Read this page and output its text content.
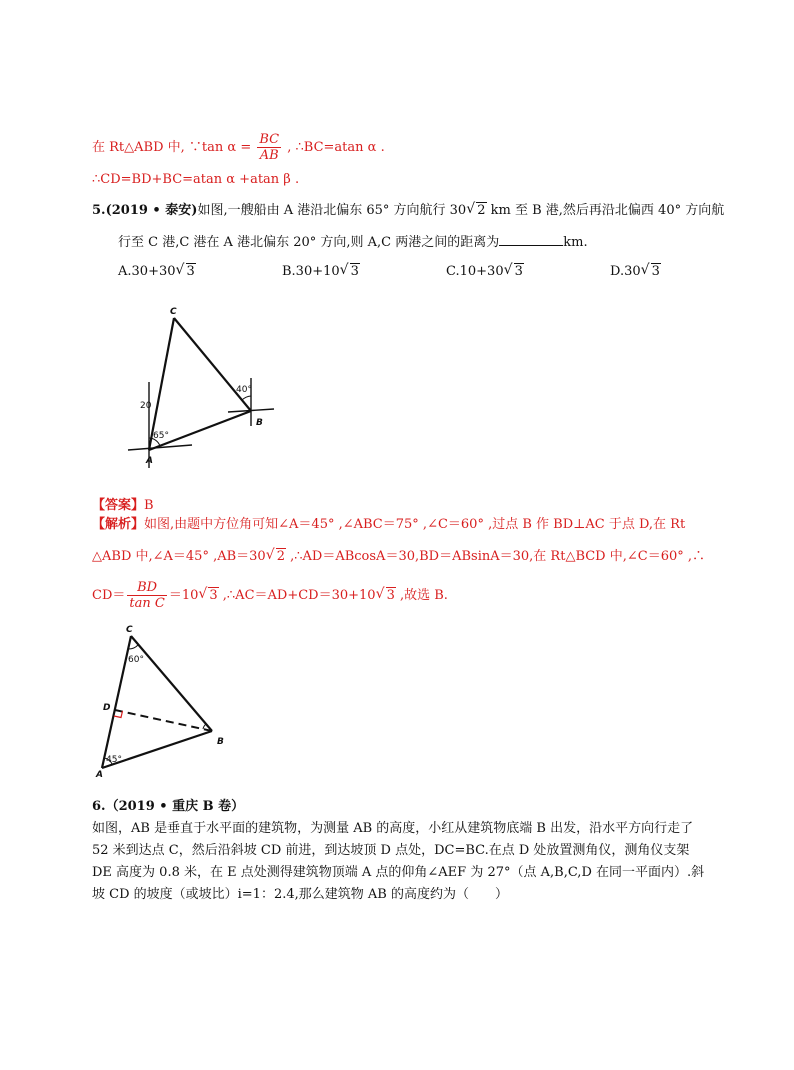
在 Rt△ABD 中, ∵tan $\alpha = \frac{BC}{AB}$ , ∴BC=atan α .
∴CD=BD+BC=atan α +atan β .
5.(2019 • 泰安)如图,一艘船由 A 港沿北偏东 65° 方向航行 30√ 2 km 至 B 港,然后再沿北偏西 40° 方向航
行至 C 港,C 港在 A 港北偏东 20° 方向,则 A,C 两港之间的距离为	km.
A.30+30√ 3	B.30+10√ 3	C.10+30√ 3	D.30√ 3
C
B
A
20
65°
40°
【答案】B
【解析】如图,由题中方位角可知∠A＝45° ,∠ABC＝75° ,∠C＝60° ,过点 B 作 BD⊥AC 于点 D,在 Rt
△ABD 中,∠A＝45° ,AB＝30√ 2 ,∴AD＝ABcosA＝30,BD＝ABsinA＝30,在 Rt△BCD 中,∠C＝60° ,∴
$CD= \frac{BD}{\text{tan C}} =10√$ 3 ,∴AC＝AD+CD＝30+10√ 3 ,故选 B.
C
D
A
B
60°
45°
6.（2019 • 重庆 B 卷）
如图，AB 是垂直于水平面的建筑物，为测量 AB 的高度，小红从建筑物底端 B 出发，沿水平方向行走了
52 米到达点 C，然后沿斜坡 CD 前进，到达坡顶 D 点处，DC=BC.在点 D 处放置测角仪，测角仪支架
DE 高度为 0.8 米，在 E 点处测得建筑物顶端 A 点的仰角∠AEF 为 27°（点 A,B,C,D 在同一平面内）.斜
坡 CD 的坡度（或坡比）i=1：2.4,那么建筑物 AB 的高度约为（　　）
